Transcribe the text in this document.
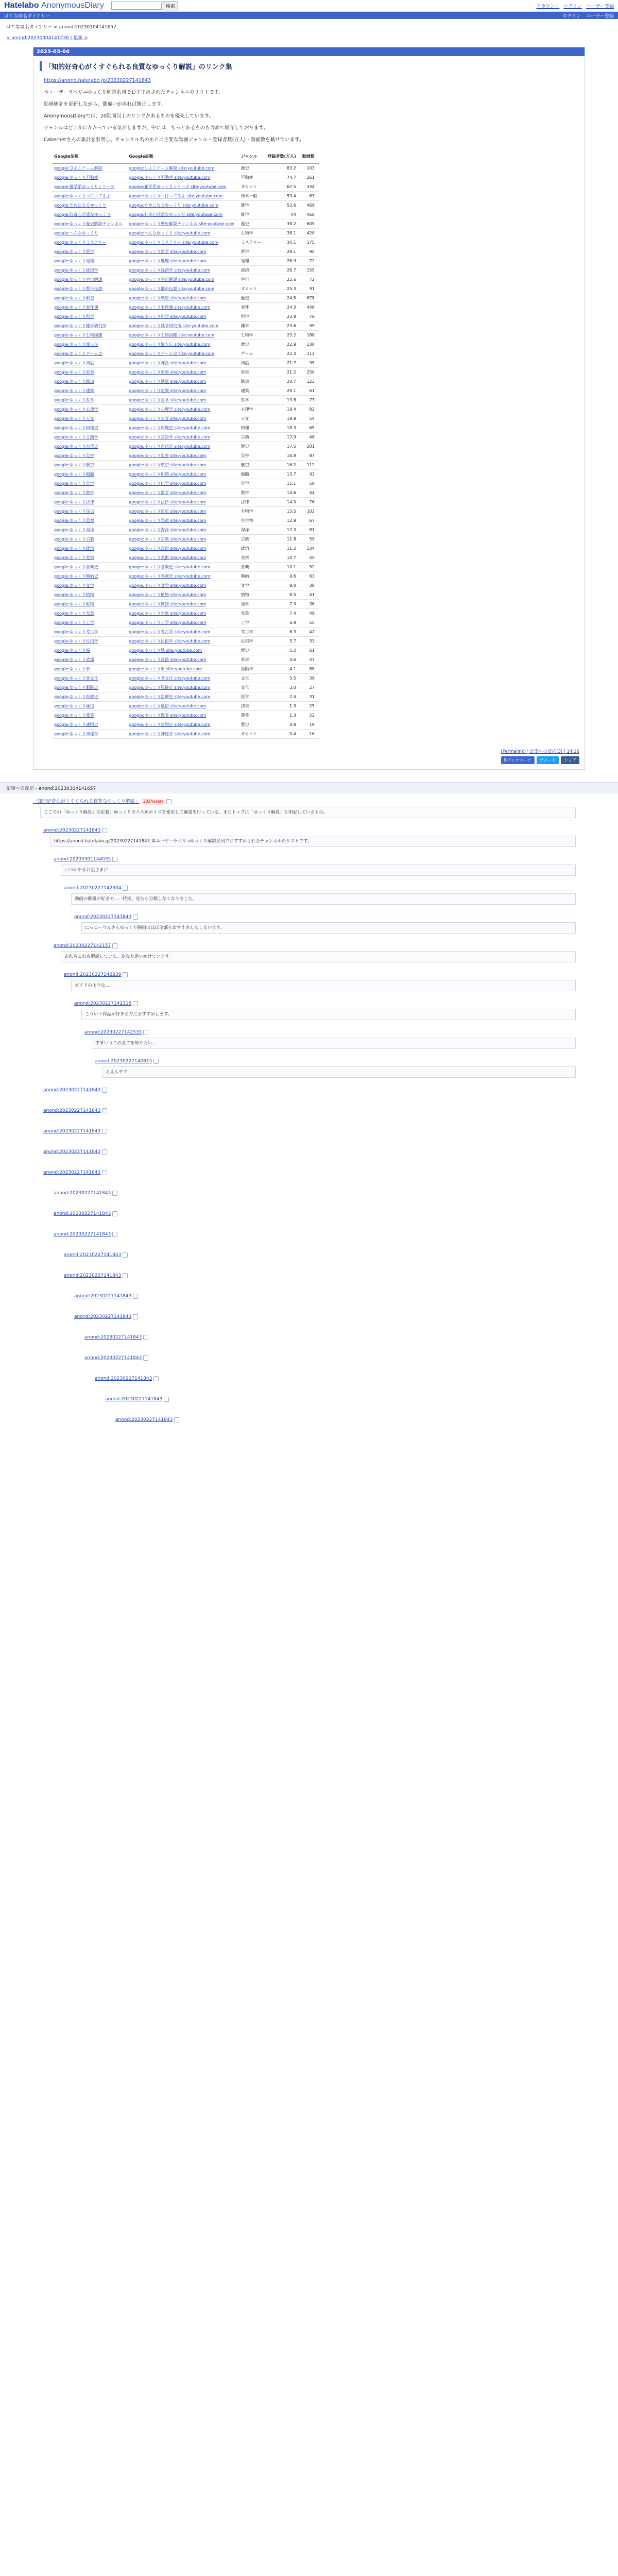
Hatelabo AnonymousDiary	検索	アカウント ログイン ユーザー登録
はてな匿名ダイアリー	ログイン ユーザー登録
はてな匿名ダイアリー > anond:20230304141657
< anond:20230304141236 | 最新 >
2023-03-04
「知的好奇心がくすぐられる良質なゆっくり解説」のリンク集

https://anond.hatelabo.jp/20230227141843

本ユーザーラベリ→ゆっくり解説系列でおすすめされたチャンネルのリストです。

動画統計を更新しながら、間違いがあれば修正します。

AnonymousDiaryでは、20動画以上のリンクがあるものを優先しています。

ジャンルはどこかにかかっている気がしますが、中には、もっとあるものも含めて紹介しております。

Cabernetさんの集計を参照し、チャンネル名のあとに主要な動画ジャンル・登録者数(万人)・動画数を載せています。

Google証拠	Google証拠	ジャンル	登録者数(万人)	動画数
google:ひよこゲーム解説	google:ひよこゲーム解説 site:youtube.com	歴史	83.2	103
google:ゆっくり不動産	google:ゆっくり不動産 site:youtube.com	不動産	74.7	261
google:雑学系ゆっくりシリーズ	google:雑学系ゆっくりシリーズ site:youtube.com	オカルト	67.5	334
google:ゆっくりへ行ってるよ	google:ゆっくりへ行ってるよ site:youtube.com	科学一般	53.4	63
google:ためになるゆっくり	google:ためになるゆっくり site:youtube.com	雑学	52.6	469
google:好奇心旺盛なゆっくり	google:好奇心旺盛なゆっくり site:youtube.com	雑学	44	466
google:ゆっくり歴史解説チャンネル	google:ゆっくり歴史解説チャンネル site:youtube.com	歴史	38.2	605
google:へんなゆっくり	google:へんなゆっくり site:youtube.com	生物学	38.1	420
google:ゆっくりミステリー	google:ゆっくりミステリー site:youtube.com	ミステリー	34.1	175
google:ゆっくり医学	google:ゆっくり医学 site:youtube.com	医学	29.1	95
google:ゆっくり地理	google:ゆっくり地理 site:youtube.com	地理	26.9	72
google:ゆっくり経済学	google:ゆっくり経済学 site:youtube.com	経済	26.7	155
google:ゆっくり宇宙解説	google:ゆっくり宇宙解説 site:youtube.com	宇宙	25.6	72
google:ゆっくり都市伝説	google:ゆっくり都市伝説 site:youtube.com	オカルト	25.3	91
google:ゆっくり戦史	google:ゆっくり戦史 site:youtube.com	歴史	24.5	678
google:ゆっくり事件簿	google:ゆっくり事件簿 site:youtube.com	事件	24.3	448
google:ゆっくり科学	google:ゆっくり科学 site:youtube.com	科学	23.9	76
google:ゆっくり雑学研究所	google:ゆっくり雑学研究所 site:youtube.com	雑学	23.6	99
google:ゆっくり生物図鑑	google:ゆっくり生物図鑑 site:youtube.com	生物学	23.2	188
google:ゆっくり偉人伝	google:ゆっくり偉人伝 site:youtube.com	歴史	22.9	130
google:ゆっくりゲーム史	google:ゆっくりゲーム史 site:youtube.com	ゲーム	22.4	112
google:ゆっくり神話	google:ゆっくり神話 site:youtube.com	神話	21.7	95
google:ゆっくり軍事	google:ゆっくり軍事 site:youtube.com	軍事	21.2	250
google:ゆっくり鉄道	google:ゆっくり鉄道 site:youtube.com	鉄道	20.7	123
google:ゆっくり建築	google:ゆっくり建築 site:youtube.com	建築	20.1	61
google:ゆっくり哲学	google:ゆっくり哲学 site:youtube.com	哲学	19.8	73
google:ゆっくり心理学	google:ゆっくり心理学 site:youtube.com	心理学	19.4	82
google:ゆっくり天文	google:ゆっくり天文 site:youtube.com	天文	18.9	54
google:ゆっくり料理史	google:ゆっくり料理史 site:youtube.com	料理	18.3	65
google:ゆっくり言語学	google:ゆっくり言語学 site:youtube.com	言語	17.9	48
google:ゆっくり古代史	google:ゆっくり古代史 site:youtube.com	歴史	17.5	201
google:ゆっくり災害	google:ゆっくり災害 site:youtube.com	災害	16.8	87
google:ゆっくり航空	google:ゆっくり航空 site:youtube.com	航空	16.2	112
google:ゆっくり船舶	google:ゆっくり船舶 site:youtube.com	船舶	15.7	93
google:ゆっくり化学	google:ゆっくり化学 site:youtube.com	化学	15.1	58
google:ゆっくり数学	google:ゆっくり数学 site:youtube.com	数学	14.6	44
google:ゆっくり法律	google:ゆっくり法律 site:youtube.com	法律	14.0	76
google:ゆっくり昆虫	google:ゆっくり昆虫 site:youtube.com	生物学	13.5	102
google:ゆっくり恐竜	google:ゆっくり恐竜 site:youtube.com	古生物	12.9	67
google:ゆっくり海洋	google:ゆっくり海洋 site:youtube.com	海洋	12.3	81
google:ゆっくり宗教	google:ゆっくり宗教 site:youtube.com	宗教	11.8	59
google:ゆっくり政治	google:ゆっくり政治 site:youtube.com	政治	11.2	134
google:ゆっくり美術	google:ゆっくり美術 site:youtube.com	美術	10.7	45
google:ゆっくり音楽史	google:ゆっくり音楽史 site:youtube.com	音楽	10.1	52
google:ゆっくり映画史	google:ゆっくり映画史 site:youtube.com	映画	9.6	63
google:ゆっくり文学	google:ゆっくり文学 site:youtube.com	文学	9.0	38
google:ゆっくり植物	google:ゆっくり植物 site:youtube.com	植物	8.5	41
google:ゆっくり鉱物	google:ゆっくり鉱物 site:youtube.com	地学	7.9	36
google:ゆっくり気象	google:ゆっくり気象 site:youtube.com	気象	7.4	49
google:ゆっくり工学	google:ゆっくり工学 site:youtube.com	工学	6.8	55
google:ゆっくり考古学	google:ゆっくり考古学 site:youtube.com	考古学	6.3	42
google:ゆっくり民俗学	google:ゆっくり民俗学 site:youtube.com	民俗学	5.7	33
google:ゆっくり城	google:ゆっくり城 site:youtube.com	歴史	5.2	61
google:ゆっくり武器	google:ゆっくり武器 site:youtube.com	軍事	4.6	47
google:ゆっくり車	google:ゆっくり車 site:youtube.com	自動車	4.1	88
google:ゆっくり食文化	google:ゆっくり食文化 site:youtube.com	文化	3.5	39
google:ゆっくり服飾史	google:ゆっくり服飾史 site:youtube.com	文化	3.0	27
google:ゆっくり医療史	google:ゆっくり医療史 site:youtube.com	医学	2.4	31
google:ゆっくり通信	google:ゆっくり通信 site:youtube.com	技術	1.9	25
google:ゆっくり農業	google:ゆっくり農業 site:youtube.com	農業	1.3	22
google:ゆっくり建国史	google:ゆっくり建国史 site:youtube.com	歴史	0.8	19
google:ゆっくり神秘学	google:ゆっくり神秘学 site:youtube.com	オカルト	0.4	16
(Permalink) | 記事への反応(3) | 14:16
Bブックマーク	ツイート	シェア
記事への反応 - anond:20230304141657
「知的好奇心がくすぐられる良質なゆっくり解説」 2024users
ここでの「ゆっくり解説」の定義：ゆっくりボイスAIボイスを使用して解説を行っている。またトップに「ゆっくり解説」と明記しているもの。
anond:20230227141843
https://anond.hatelabo.jp/20230227141843 本ユーザーラベリ→ゆっくり解説系列でおすすめされたチャンネルのリストです。
anond:20230301144035
いつかやるお星さまに
anond:20230227142304
動画の解説が好きで...一時期、見たら分類しなくなりました。
anond:20230227141843
にっこーりんさんゆっくり動画のほぼ全部をおすすめしてしまいます。
anond:20230227142157
あれもこれも解説していて、かなり追いかけています。
anond:20230227142239
ガイドのような...
anond:20230227142318
こういう作品が好きな方におすすめします。
anond:20230227142535
すまいうこの全てを知りたい...
anond:20230227142615
ええんやで
anond:20230227141843
anond:20230227141843
anond:20230227141843
anond:20230227141843
anond:20230227141843
anond:20230227141843
anond:20230227141843
anond:20230227141843
anond:20230227141843
anond:20230227141843
anond:20230227141843
anond:20230227141843
anond:20230227141843
anond:20230227141843
anond:20230227141843
anond:20230227141843
anond:20230227141843
